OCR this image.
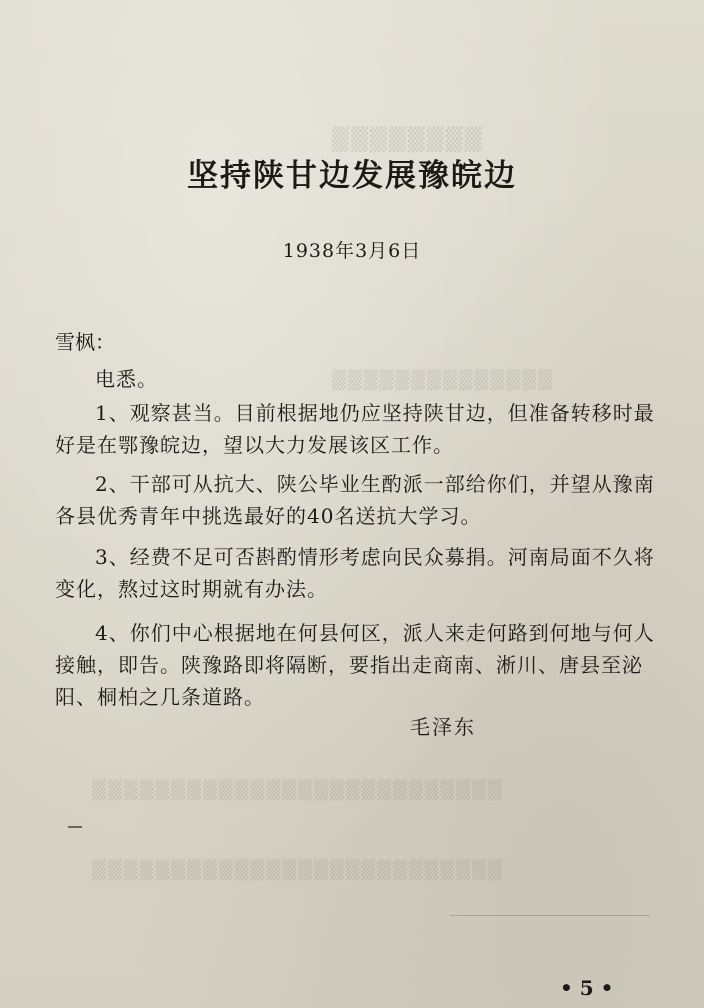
▒▒▒▒▒▒▒▒
▒▒▒▒▒▒▒▒▒▒▒▒▒▒
▒▒▒▒▒▒▒▒▒▒▒▒▒▒▒▒▒▒▒▒▒▒▒▒▒▒
▒▒▒▒▒▒▒▒▒▒▒▒▒▒▒▒▒▒▒▒▒▒▒▒▒▒
坚持陕甘边发展豫皖边
1938年3月6日
雪枫：

电悉。

1、观察甚当。目前根据地仍应坚持陕甘边，但准备转移时最好是在鄂豫皖边，望以大力发展该区工作。

2、干部可从抗大、陕公毕业生酌派一部给你们，并望从豫南各县优秀青年中挑选最好的40名送抗大学习。

3、经费不足可否斟酌情形考虑向民众募捐。河南局面不久将变化，熬过这时期就有办法。

4、你们中心根据地在何县何区，派人来走何路到何地与何人接触，即告。陕豫路即将隔断，要指出走商南、淅川、唐县至泌阳、桐柏之几条道路。

毛泽东
• 5 •
